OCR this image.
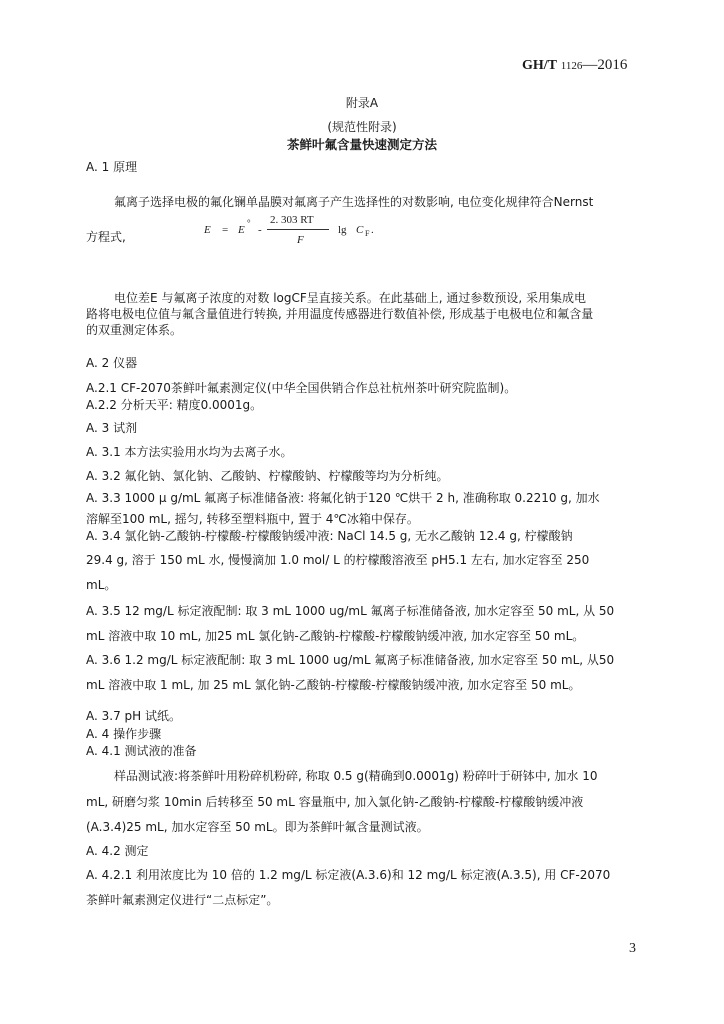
GH/T 1126—2016
附录A
(规范性附录)
茶鲜叶氟含量快速测定方法
A. 1 原理
氟离子选择电极的氟化镧单晶膜对氟离子产生选择性的对数影响, 电位变化规律符合Nernst
方程式,	E = E
°
-
2. 303 RT
F
lg C F .
电位差E 与氟离子浓度的对数 logCF呈直接关系。在此基础上, 通过参数预设, 采用集成电
路将电极电位值与氟含量值进行转换, 并用温度传感器进行数值补偿, 形成基于电极电位和氟含量
的双重测定体系。
A. 2 仪器
A.2.1 CF-2070茶鲜叶氟素测定仪(中华全国供销合作总社杭州茶叶研究院监制)。
A.2.2 分析天平: 精度0.0001g。
A. 3 试剂
A. 3.1 本方法实验用水均为去离子水。
A. 3.2 氟化钠、氯化钠、乙酸钠、柠檬酸钠、柠檬酸等均为分析纯。
A. 3.3 1000 μ g/mL 氟离子标准储备液: 将氟化钠于120 ℃烘干 2 h, 准确称取 0.2210 g, 加水
溶解至100 mL, 摇匀, 转移至塑料瓶中, 置于 4℃冰箱中保存。
A. 3.4 氯化钠-乙酸钠-柠檬酸-柠檬酸钠缓冲液: NaCl 14.5 g, 无水乙酸钠 12.4 g, 柠檬酸钠
29.4 g, 溶于 150 mL 水, 慢慢滴加 1.0 mol/ L 的柠檬酸溶液至 pH5.1 左右, 加水定容至 250
mL。
A. 3.5 12 mg/L 标定液配制: 取 3 mL 1000 ug/mL 氟离子标准储备液, 加水定容至 50 mL, 从 50
mL 溶液中取 10 mL, 加25 mL 氯化钠-乙酸钠-柠檬酸-柠檬酸钠缓冲液, 加水定容至 50 mL。
A. 3.6 1.2 mg/L 标定液配制: 取 3 mL 1000 ug/mL 氟离子标准储备液, 加水定容至 50 mL, 从50
mL 溶液中取 1 mL, 加 25 mL 氯化钠-乙酸钠-柠檬酸-柠檬酸钠缓冲液, 加水定容至 50 mL。
A. 3.7 pH 试纸。
A. 4 操作步骤
A. 4.1 测试液的准备
样品测试液:将茶鲜叶用粉碎机粉碎, 称取 0.5 g(精确到0.0001g) 粉碎叶于研钵中, 加水 10
mL, 研磨匀浆 10min 后转移至 50 mL 容量瓶中, 加入氯化钠-乙酸钠-柠檬酸-柠檬酸钠缓冲液
(A.3.4)25 mL, 加水定容至 50 mL。即为茶鲜叶氟含量测试液。
A. 4.2 测定
A. 4.2.1 利用浓度比为 10 倍的 1.2 mg/L 标定液(A.3.6)和 12 mg/L 标定液(A.3.5), 用 CF-2070
茶鲜叶氟素测定仪进行“二点标定”。
3
